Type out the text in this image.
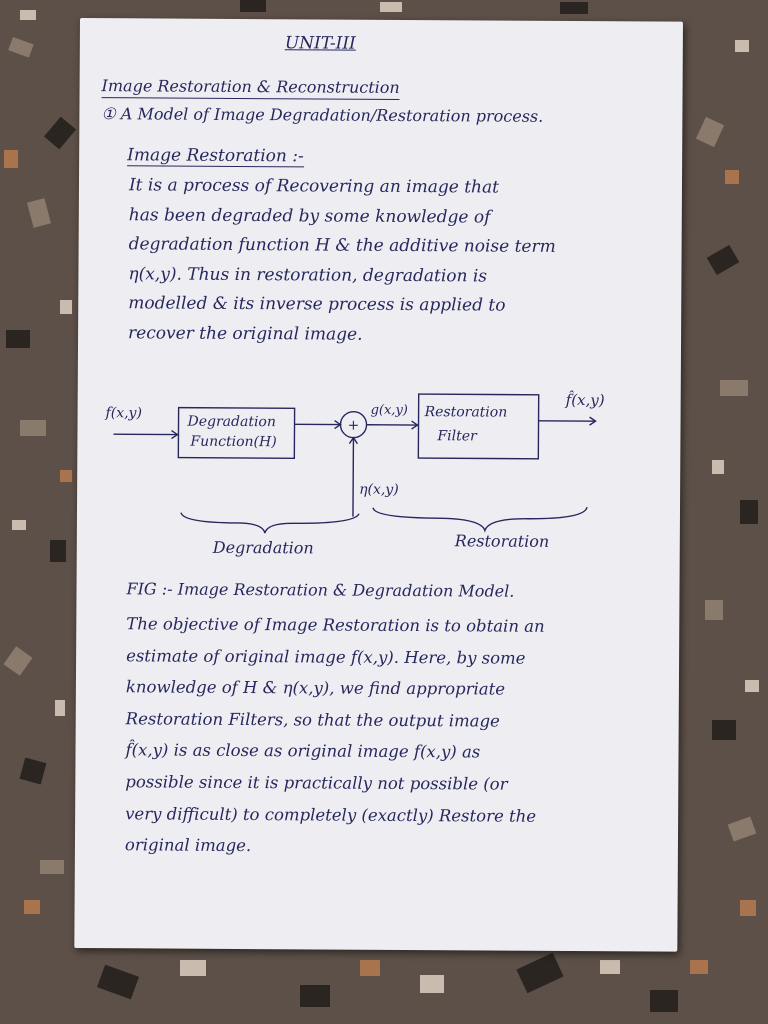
UNIT-III
Image Restoration & Reconstruction
① A Model of Image Degradation/Restoration process.
Image Restoration :-
It is a process of Recovering an image that
has been degraded by some knowledge of
degradation function H & the additive noise term
η(x,y). Thus in restoration, degradation is
modelled & its inverse process is applied to
recover the original image.
f(x,y)
Degradation
Function(H)
+
η(x,y)
g(x,y) Restoration
Filter
f̂(x,y)
Degradation	Restoration
FIG :- Image Restoration & Degradation Model.
The objective of Image Restoration is to obtain an
estimate of original image f(x,y). Here, by some
knowledge of H & η(x,y), we find appropriate
Restoration Filters, so that the output image
f̂(x,y) is as close as original image f(x,y) as
possible since it is practically not possible (or
very difficult) to completely (exactly) Restore the
original image.
